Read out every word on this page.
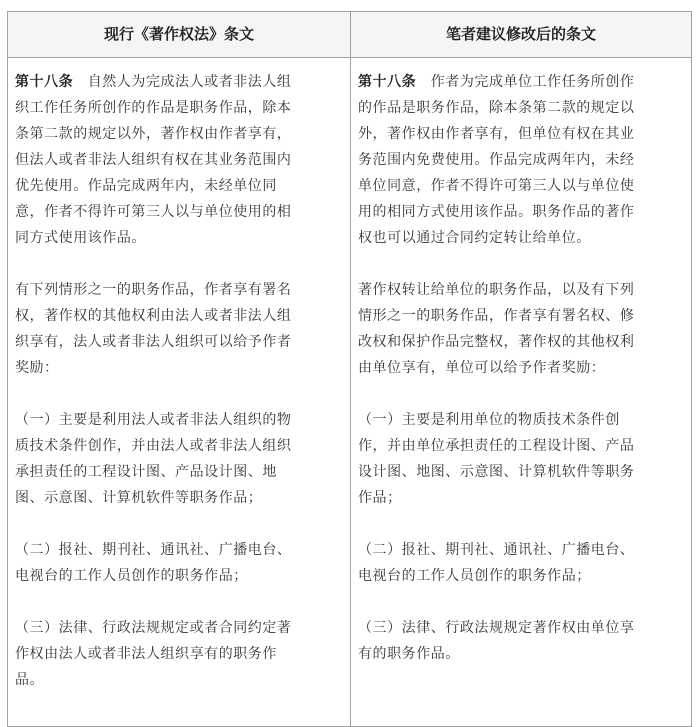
现行《著作权法》条文	笔者建议修改后的条文

第十八条　自然人为完成法人或者非法人组
织工作任务所创作的作品是职务作品，除本
条第二款的规定以外，著作权由作者享有，
但法人或者非法人组织有权在其业务范围内
优先使用。作品完成两年内，未经单位同
意，作者不得许可第三人以与单位使用的相
同方式使用该作品。

有下列情形之一的职务作品，作者享有署名
权，著作权的其他权利由法人或者非法人组
织享有，法人或者非法人组织可以给予作者
奖励：

（一）主要是利用法人或者非法人组织的物
质技术条件创作，并由法人或者非法人组织
承担责任的工程设计图、产品设计图、地
图、示意图、计算机软件等职务作品；

（二）报社、期刊社、通讯社、广播电台、
电视台的工作人员创作的职务作品；

（三）法律、行政法规规定或者合同约定著
作权由法人或者非法人组织享有的职务作
品。

第十八条　作者为完成单位工作任务所创作
的作品是职务作品，除本条第二款的规定以
外，著作权由作者享有，但单位有权在其业
务范围内免费使用。作品完成两年内，未经
单位同意，作者不得许可第三人以与单位使
用的相同方式使用该作品。职务作品的著作
权也可以通过合同约定转让给单位。

著作权转让给单位的职务作品，以及有下列
情形之一的职务作品，作者享有署名权、修
改权和保护作品完整权，著作权的其他权利
由单位享有，单位可以给予作者奖励：

（一）主要是利用单位的物质技术条件创
作，并由单位承担责任的工程设计图、产品
设计图、地图、示意图、计算机软件等职务
作品；

（二）报社、期刊社、通讯社、广播电台、
电视台的工作人员创作的职务作品；

（三）法律、行政法规规定著作权由单位享
有的职务作品。
